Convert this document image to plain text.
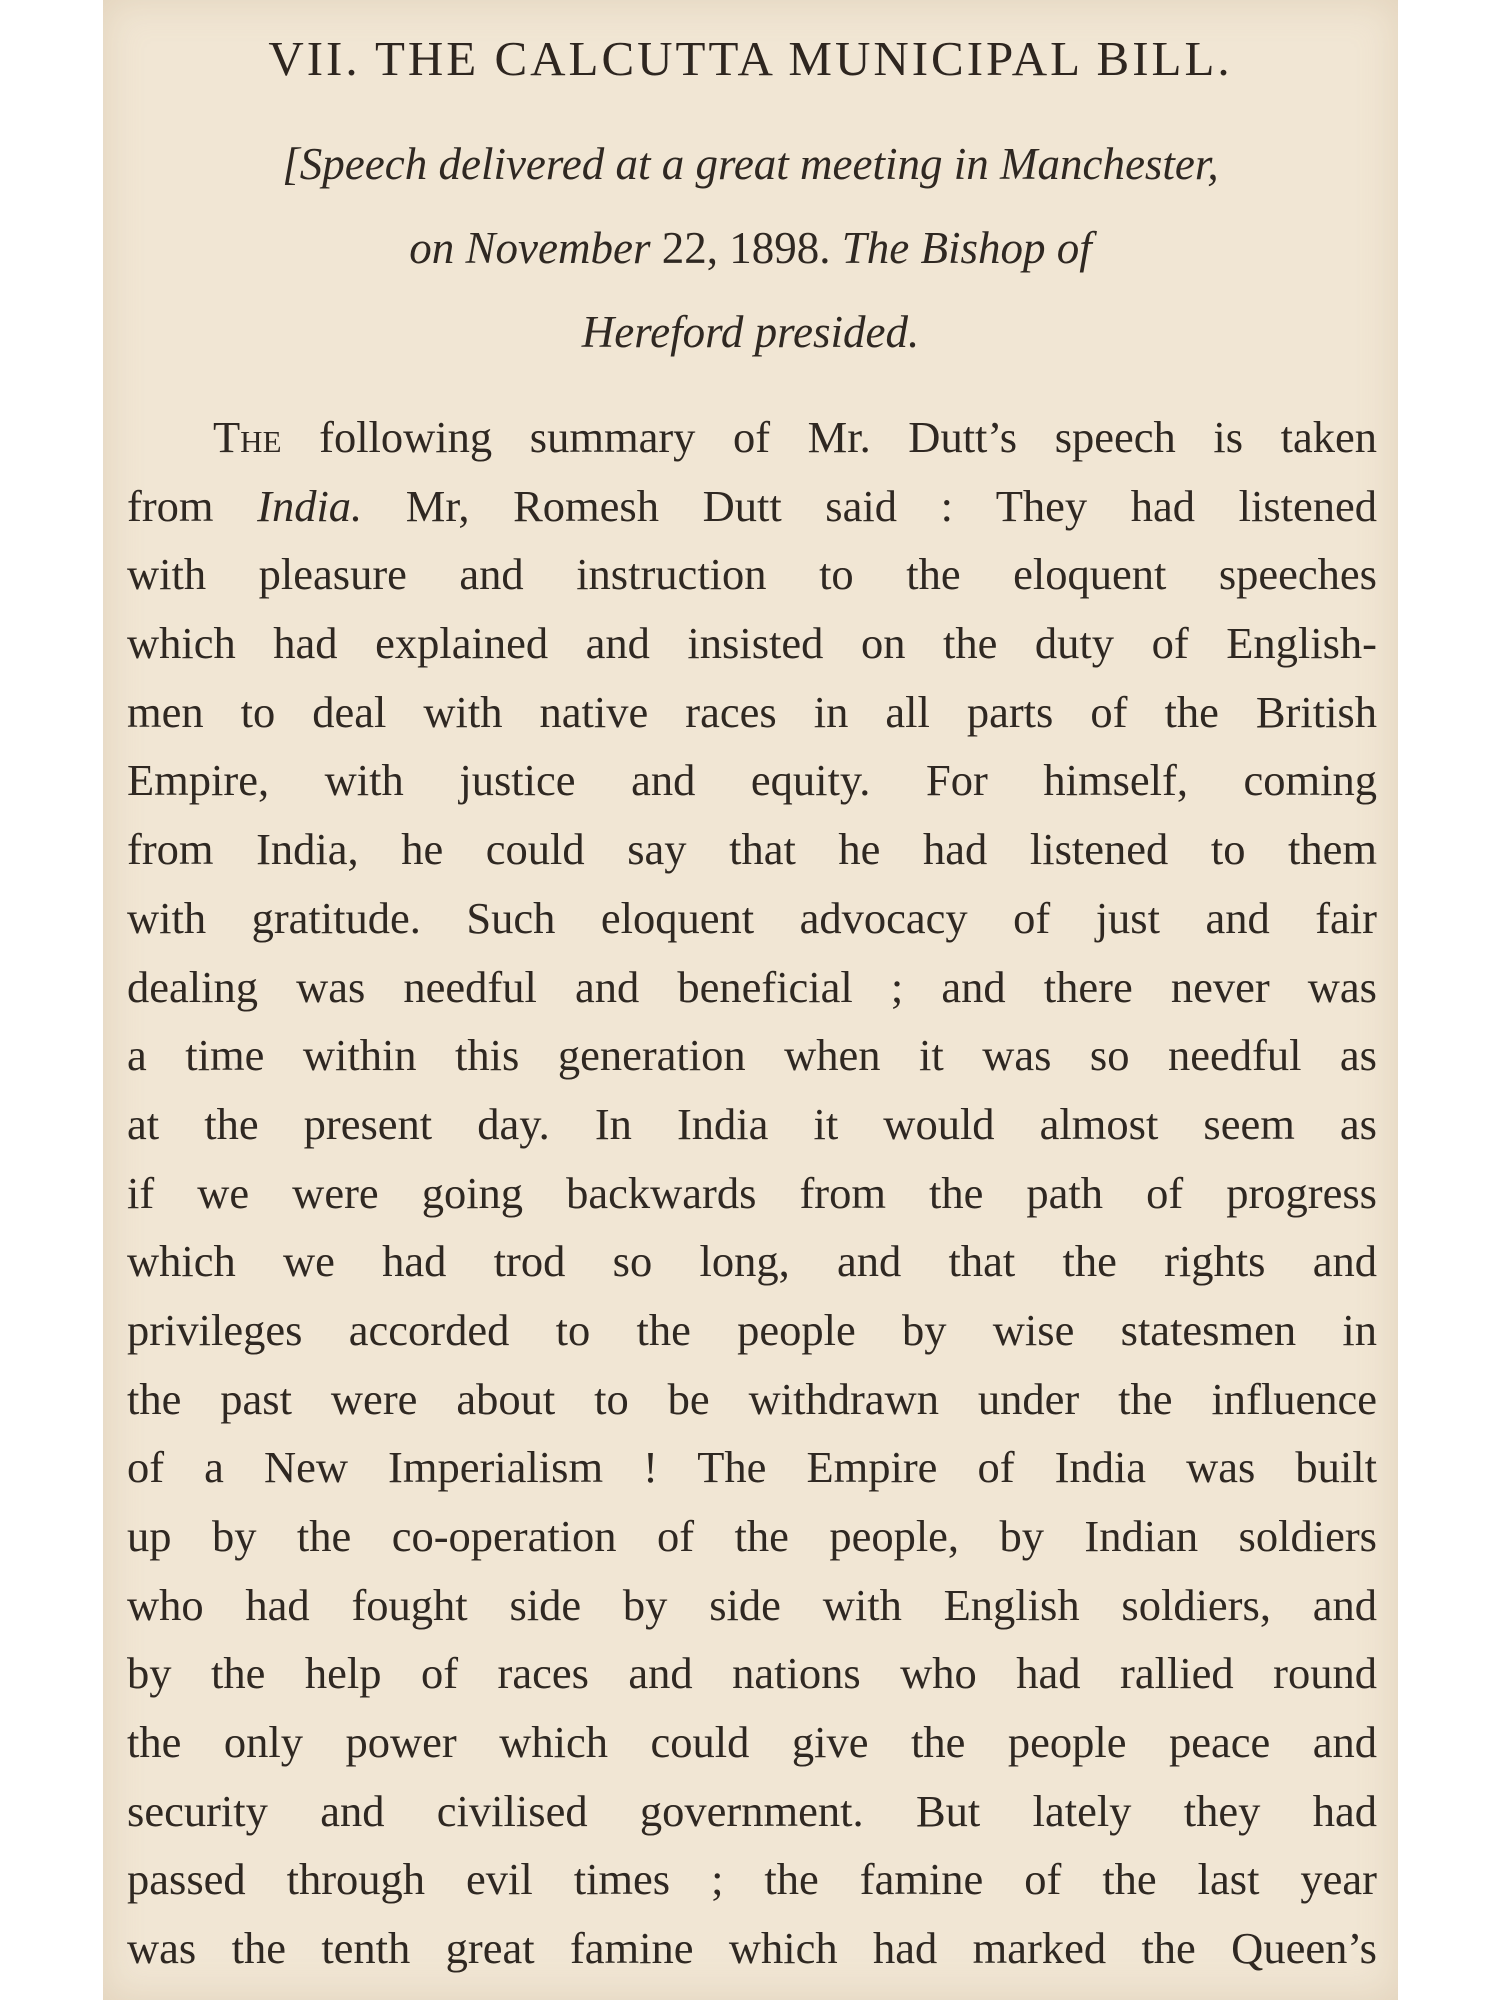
VII. THE CALCUTTA MUNICIPAL BILL.
[Speech delivered at a great meeting in Manchester,
on November 22, 1898. The Bishop of
Hereford presided.
The following summary of Mr. Dutt’s speech is taken
from India. Mr, Romesh Dutt said : They had listened
with pleasure and instruction to the eloquent speeches
which had explained and insisted on the duty of English-
men to deal with native races in all parts of the British
Empire, with justice and equity. For himself, coming
from India, he could say that he had listened to them
with gratitude. Such eloquent advocacy of just and fair
dealing was needful and beneficial ; and there never was
a time within this generation when it was so needful as
at the present day. In India it would almost seem as
if we were going backwards from the path of progress
which we had trod so long, and that the rights and
privileges accorded to the people by wise statesmen in
the past were about to be withdrawn under the influence
of a New Imperialism ! The Empire of India was built
up by the co-operation of the people, by Indian soldiers
who had fought side by side with English soldiers, and
by the help of races and nations who had rallied round
the only power which could give the people peace and
security and civilised government. But lately they had
passed through evil times ; the famine of the last year
was the tenth great famine which had marked the Queen’s
